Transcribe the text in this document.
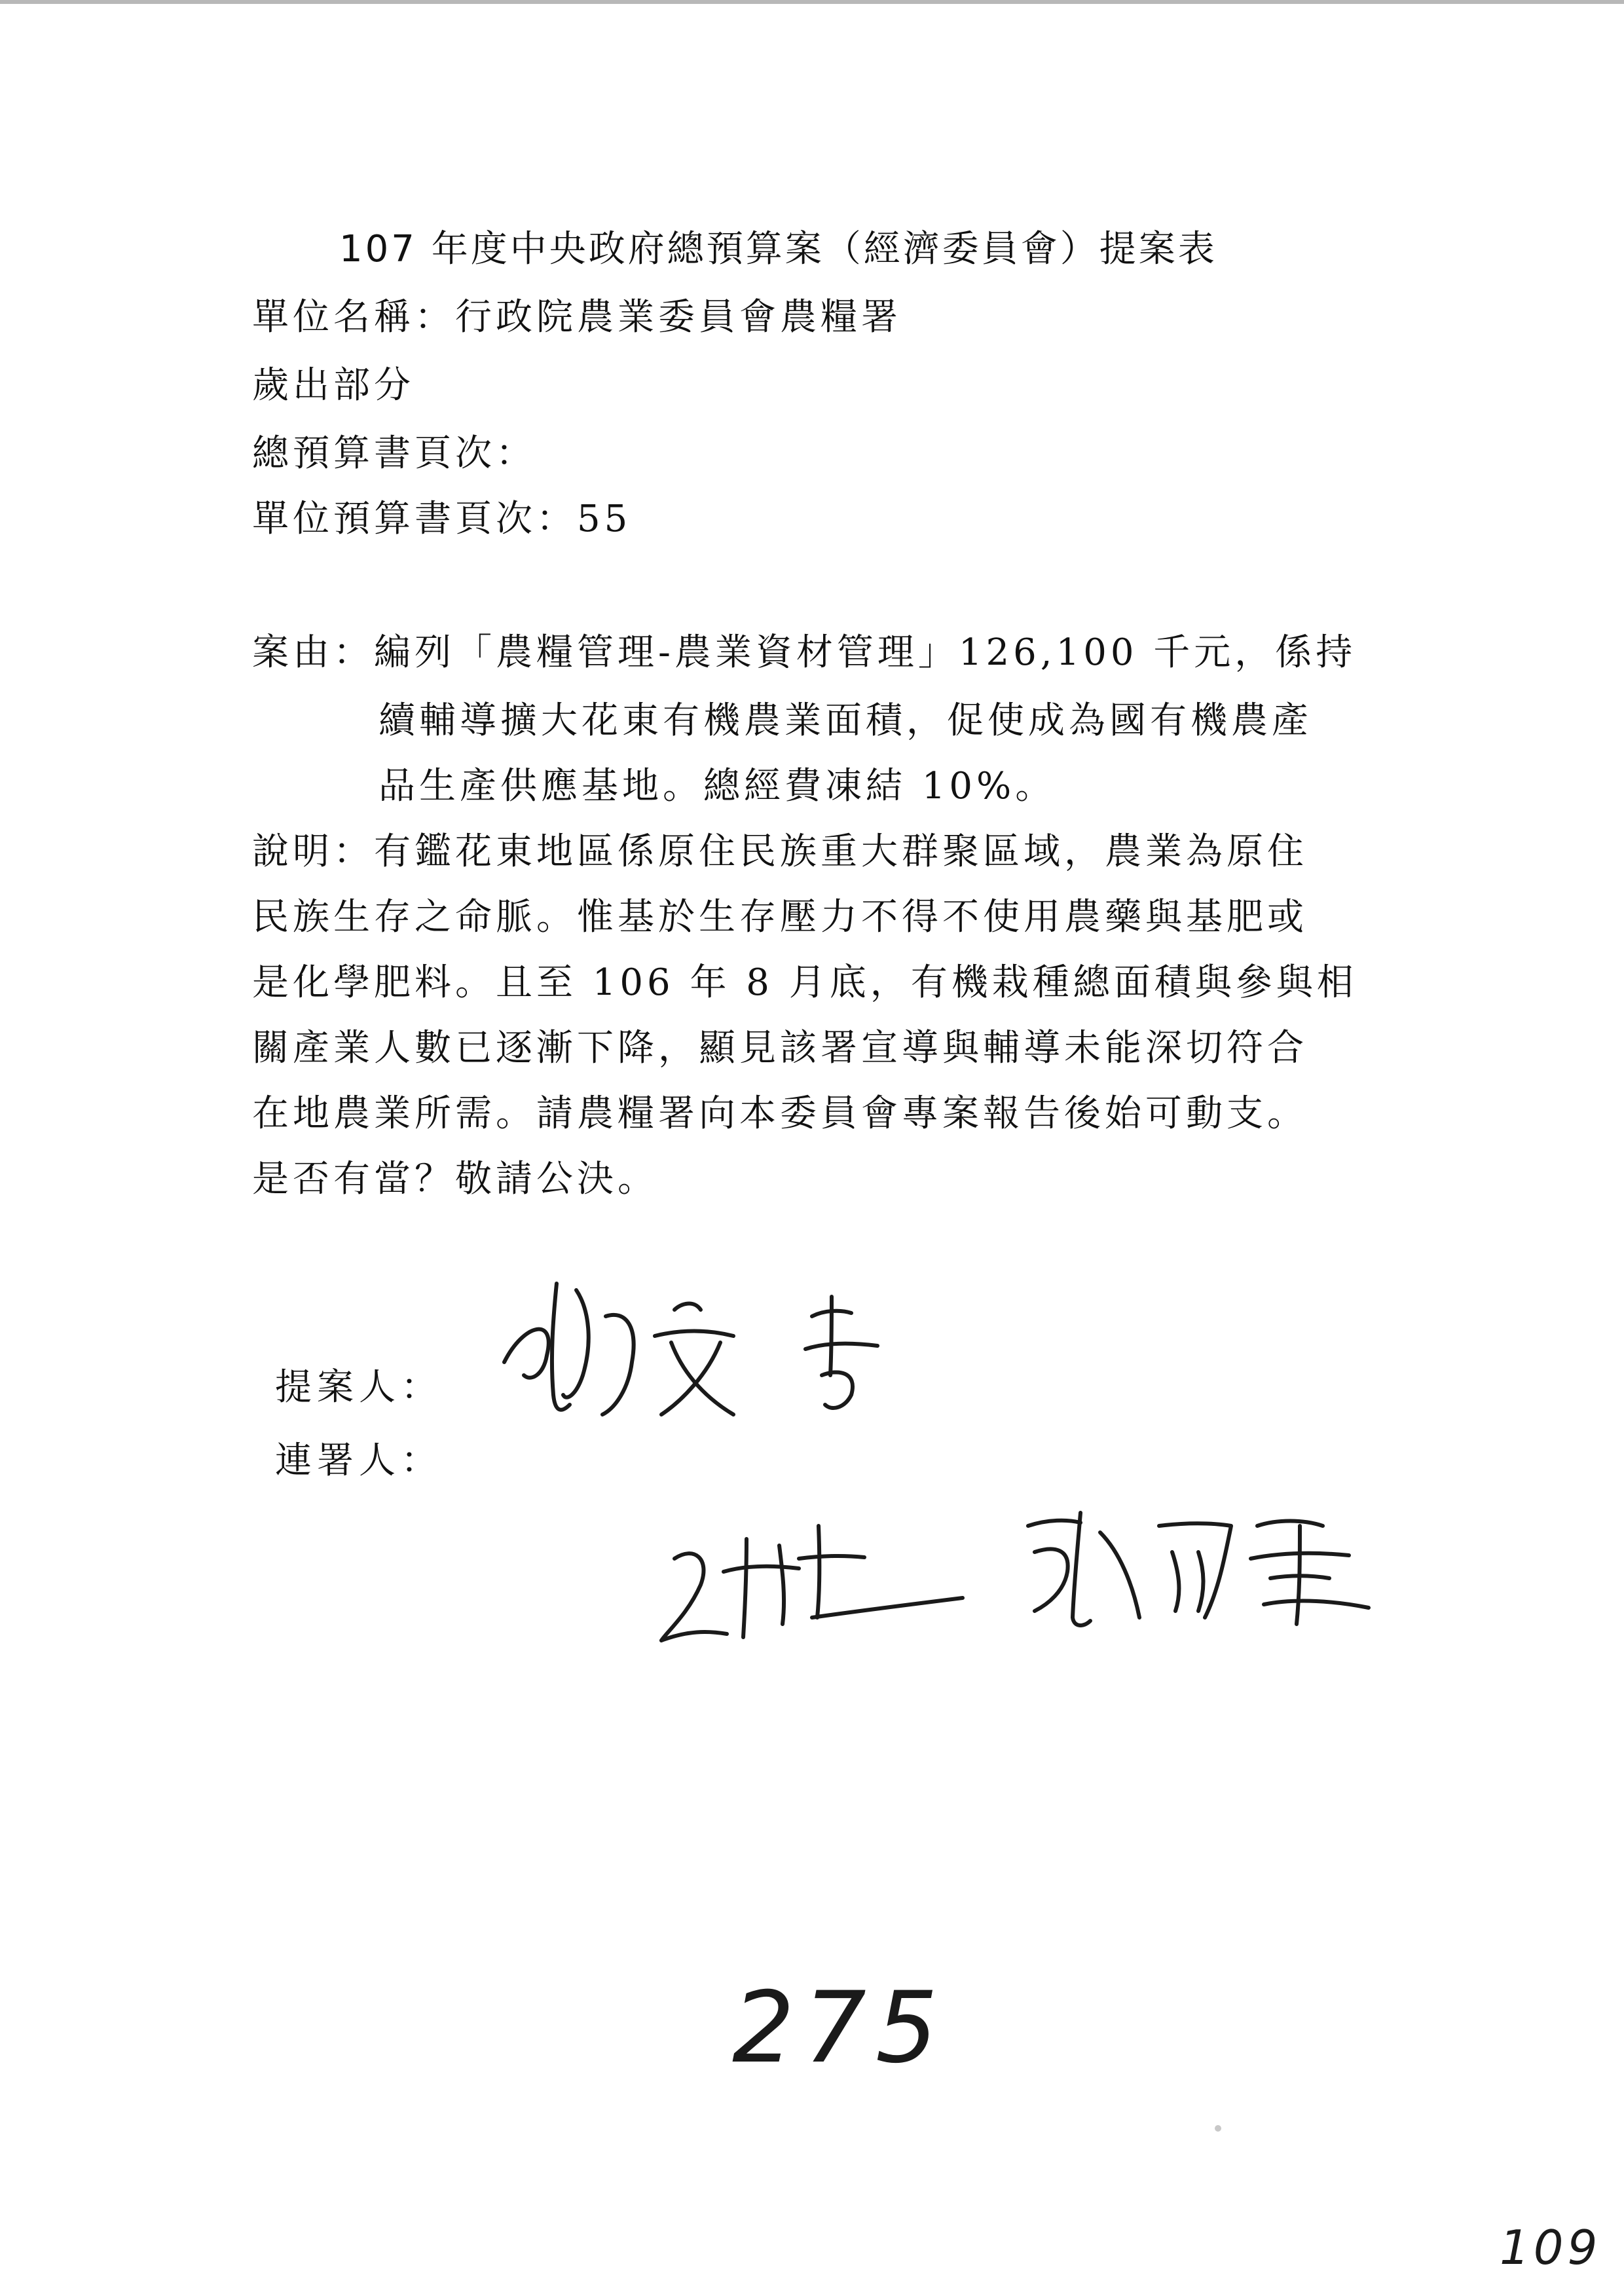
107 年度中央政府總預算案（經濟委員會）提案表
單位名稱：行政院農業委員會農糧署
歲出部分
總預算書頁次：
單位預算書頁次：55
案由：編列「農糧管理-農業資材管理」126,100 千元，係持
續輔導擴大花東有機農業面積，促使成為國有機農產
品生產供應基地。總經費凍結 10%。
說明：有鑑花東地區係原住民族重大群聚區域，農業為原住
民族生存之命脈。惟基於生存壓力不得不使用農藥與基肥或
是化學肥料。且至 106 年 8 月底，有機栽種總面積與參與相
關產業人數已逐漸下降，顯見該署宣導與輔導未能深切符合
在地農業所需。請農糧署向本委員會專案報告後始可動支。
是否有當？敬請公決。
提案人：
連署人：
275
109
